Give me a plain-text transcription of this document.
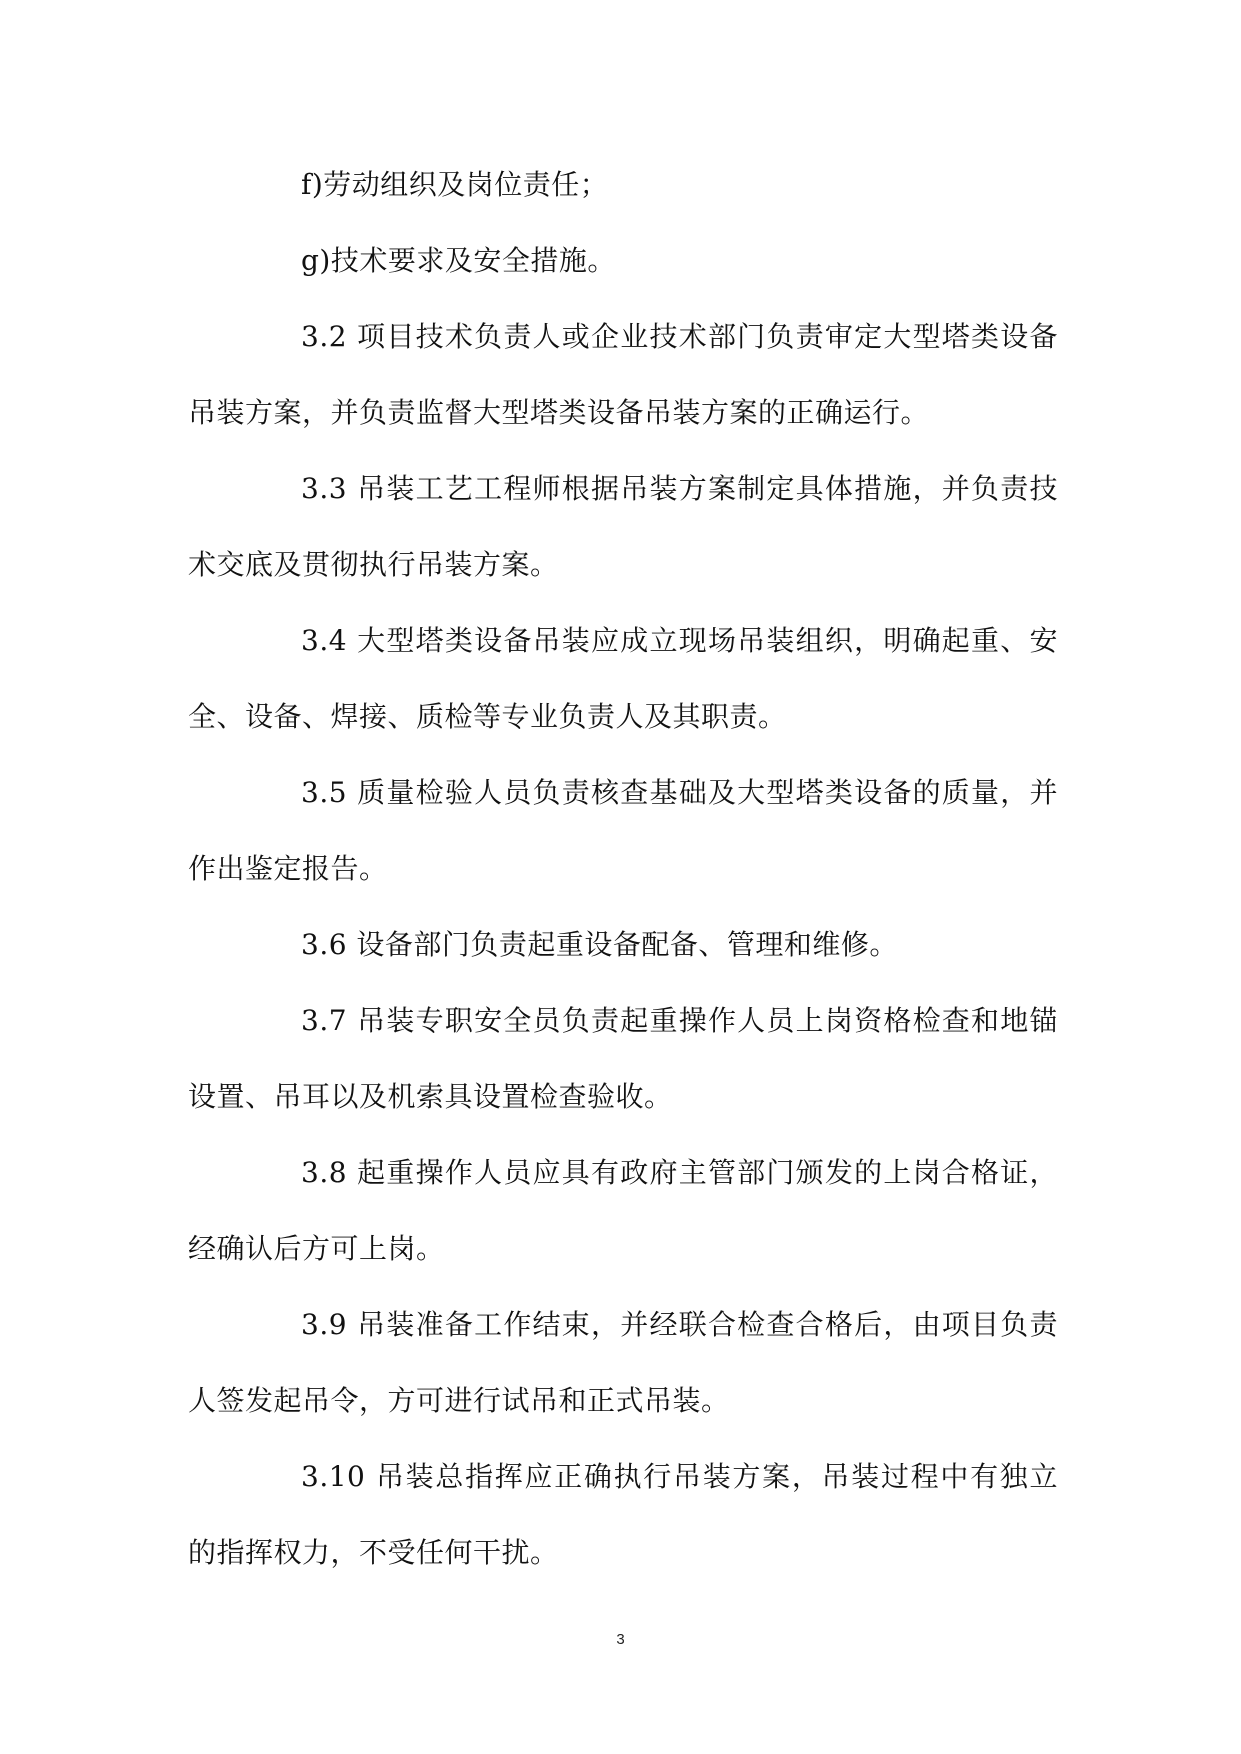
f)劳动组织及岗位责任；

g)技术要求及安全措施。

3.2 项目技术负责人或企业技术部门负责审定大型塔类设备吊装方案，并负责监督大型塔类设备吊装方案的正确运行。

3.3 吊装工艺工程师根据吊装方案制定具体措施，并负责技术交底及贯彻执行吊装方案。

3.4 大型塔类设备吊装应成立现场吊装组织，明确起重、安全、设备、焊接、质检等专业负责人及其职责。

3.5 质量检验人员负责核查基础及大型塔类设备的质量，并作出鉴定报告。

3.6 设备部门负责起重设备配备、管理和维修。

3.7 吊装专职安全员负责起重操作人员上岗资格检查和地锚设置、吊耳以及机索具设置检查验收。

3.8 起重操作人员应具有政府主管部门颁发的上岗合格证，经确认后方可上岗。

3.9 吊装准备工作结束，并经联合检查合格后，由项目负责人签发起吊令，方可进行试吊和正式吊装。

3.10 吊装总指挥应正确执行吊装方案，吊装过程中有独立的指挥权力，不受任何干扰。

3
